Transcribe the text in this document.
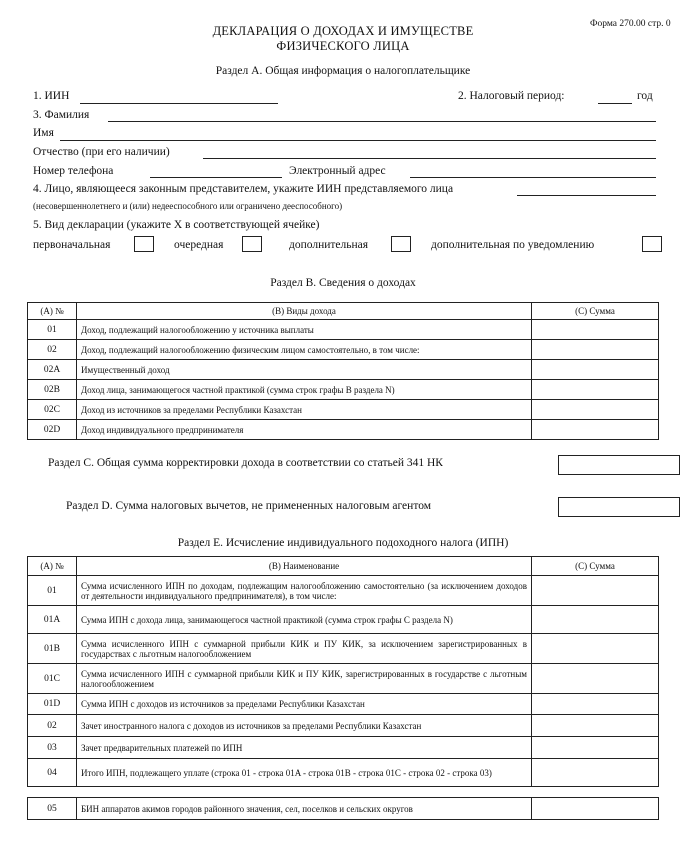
Форма 270.00 стр. 0
ДЕКЛАРАЦИЯ О ДОХОДАХ И ИМУЩЕСТВЕ
ФИЗИЧЕСКОГО ЛИЦА
Раздел А. Общая информация о налогоплательщике
1. ИИН	2. Налоговый период:	год
3. Фамилия
Имя
Отчество (при его наличии)
Номер телефона	Электронный адрес
4. Лицо, являющееся законным представителем, укажите ИИН представляемого лица
(несовершеннолетнего и (или) недееспособного или ограничено дееспособного)
5. Вид декларации (укажите Х в соответствующей ячейке)
первоначальная	очередная	дополнительная	дополнительная по уведомлению
Раздел B. Сведения о доходах
(A) №	(B) Виды дохода	(C) Сумма
01	Доход, подлежащий налогообложению у источника выплаты	
02	Доход, подлежащий налогообложению физическим лицом самостоятельно, в том числе:	
02A	Имущественный доход	
02B	Доход лица, занимающегося частной практикой (сумма строк графы В раздела N)	
02C	Доход из источников за пределами Республики Казахстан	
02D	Доход индивидуального предпринимателя	
Раздел C. Общая сумма корректировки дохода в соответствии со статьей 341 НК
Раздел D. Сумма налоговых вычетов, не примененных налоговым агентом
Раздел E. Исчисление индивидуального подоходного налога (ИПН)
(A) №	(B) Наименование	(C) Сумма
01	Сумма исчисленного ИПН по доходам, подлежащим налогообложению самостоятельно (за исключением доходов от деятельности индивидуального предпринимателя), в том числе:	
01A	Сумма ИПН с дохода лица, занимающегося частной практикой (сумма строк графы С раздела N)	
01B	Сумма исчисленного ИПН с суммарной прибыли КИК и ПУ КИК, за исключением зарегистрированных в государствах с льготным налогообложением	
01C	Сумма исчисленного ИПН с суммарной прибыли КИК и ПУ КИК, зарегистрированных в государстве с льготным налогообложением	
01D	Сумма ИПН с доходов из источников за пределами Республики Казахстан	
02	Зачет иностранного налога с доходов из источников за пределами Республики Казахстан	
03	Зачет предварительных платежей по ИПН	
04	Итого ИПН, подлежащего уплате (строка 01 - строка 01A - строка 01B - строка 01C - строка 02 - строка 03)	
05	БИН аппаратов акимов городов районного значения, сел, поселков и сельских округов	
